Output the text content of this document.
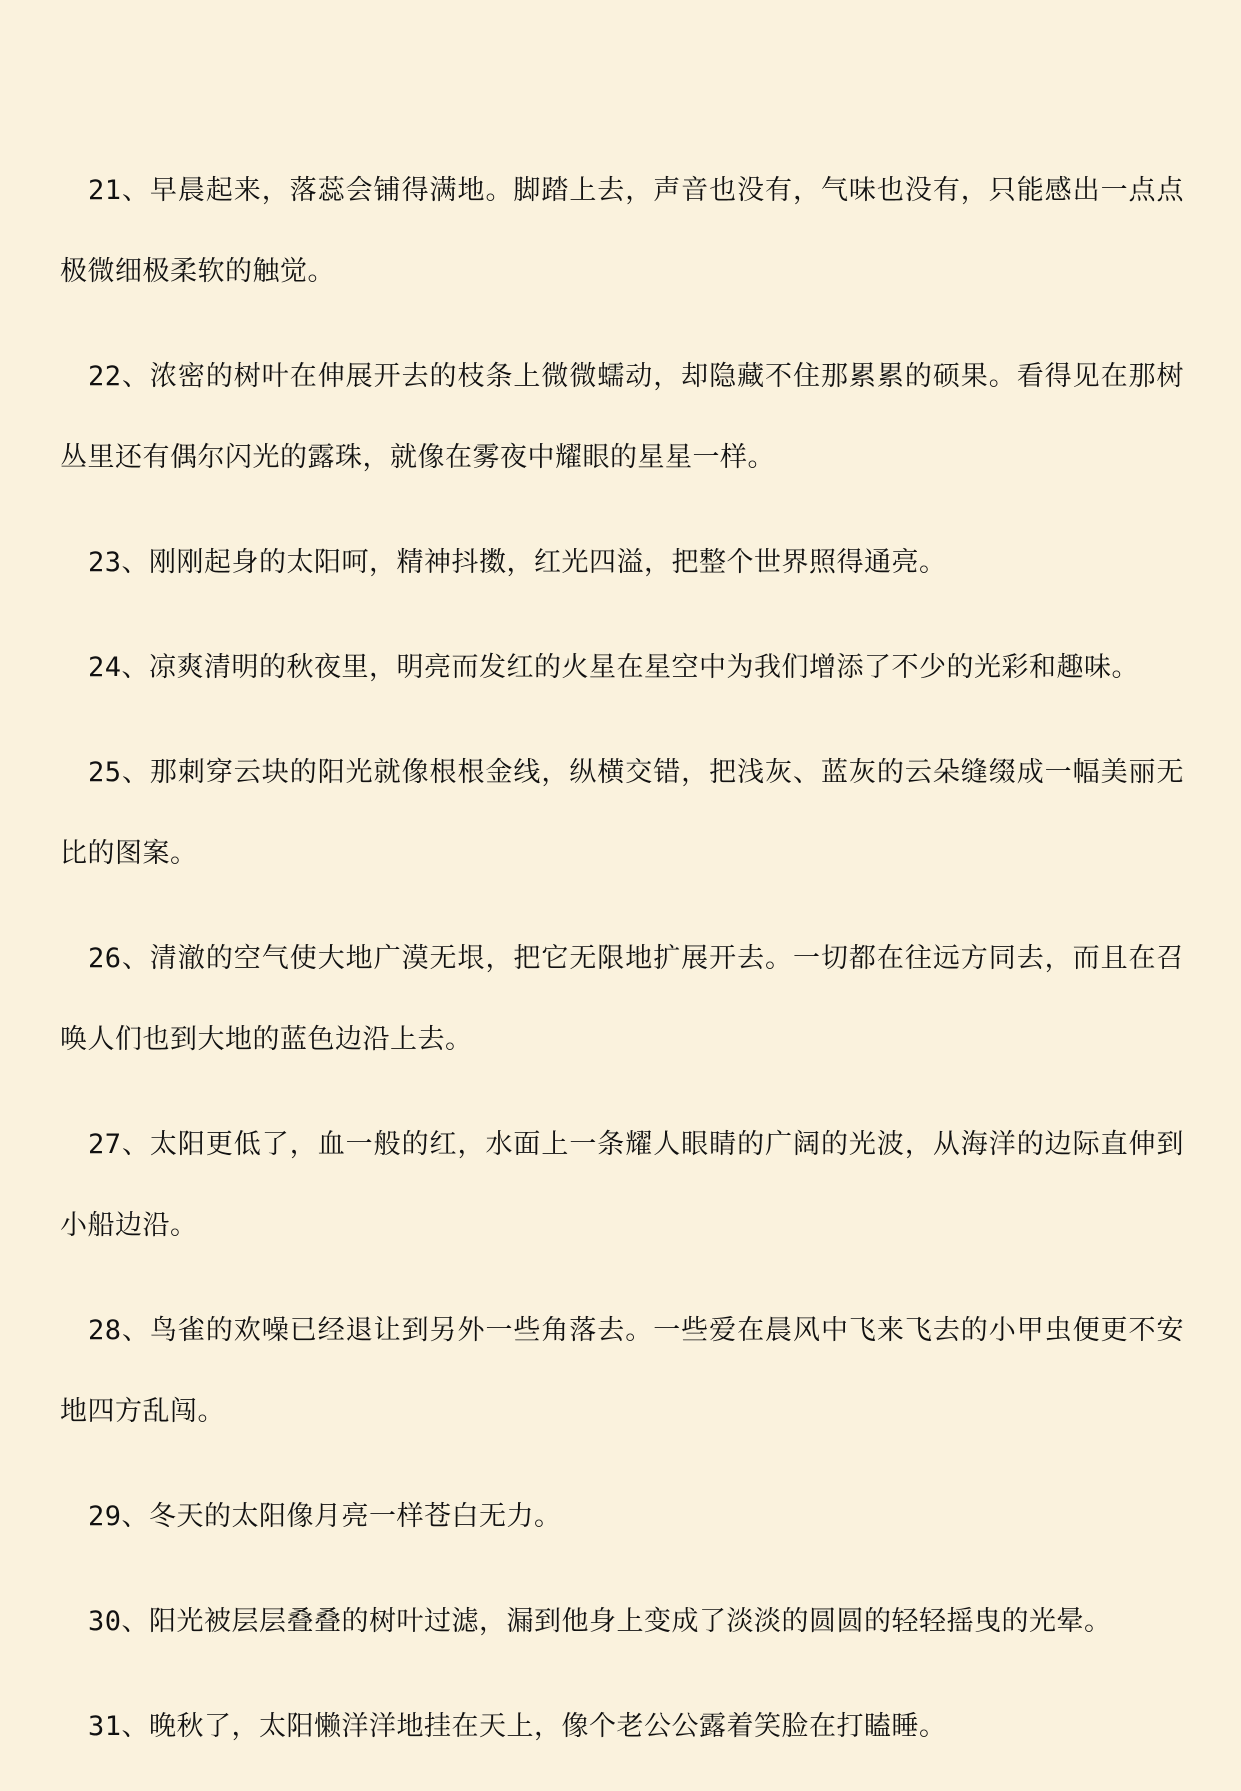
21、早晨起来，落蕊会铺得满地。脚踏上去，声音也没有，气味也没有，只能感出一点点极微细极柔软的触觉。

22、浓密的树叶在伸展开去的枝条上微微蠕动，却隐藏不住那累累的硕果。看得见在那树丛里还有偶尔闪光的露珠，就像在雾夜中耀眼的星星一样。

23、刚刚起身的太阳呵，精神抖擞，红光四溢，把整个世界照得通亮。

24、凉爽清明的秋夜里，明亮而发红的火星在星空中为我们增添了不少的光彩和趣味。

25、那刺穿云块的阳光就像根根金线，纵横交错，把浅灰、蓝灰的云朵缝缀成一幅美丽无比的图案。

26、清澈的空气使大地广漠无垠，把它无限地扩展开去。一切都在往远方同去，而且在召唤人们也到大地的蓝色边沿上去。

27、太阳更低了，血一般的红，水面上一条耀人眼睛的广阔的光波，从海洋的边际直伸到小船边沿。

28、鸟雀的欢噪已经退让到另外一些角落去。一些爱在晨风中飞来飞去的小甲虫便更不安地四方乱闯。

29、冬天的太阳像月亮一样苍白无力。

30、阳光被层层叠叠的树叶过滤，漏到他身上变成了淡淡的圆圆的轻轻摇曳的光晕。

31、晚秋了，太阳懒洋洋地挂在天上，像个老公公露着笑脸在打瞌睡。
